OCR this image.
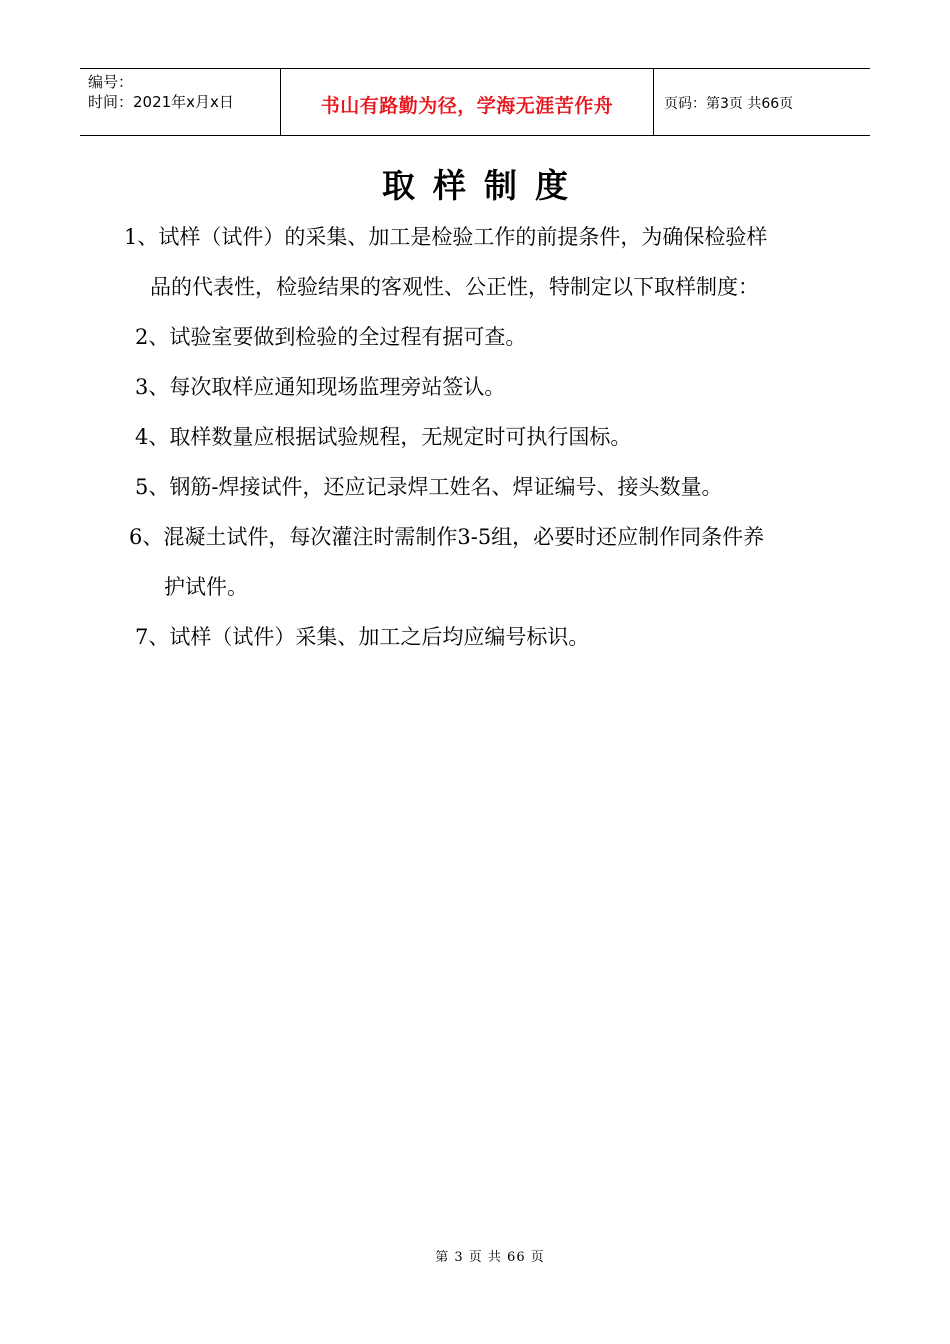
编号：
时间：2021年x月x日	书山有路勤为径，学海无涯苦作舟	页码：第3页 共66页
取样制度
1、试样（试件）的采集、加工是检验工作的前提条件，为确保检验样
品的代表性，检验结果的客观性、公正性，特制定以下取样制度：
2、试验室要做到检验的全过程有据可查。
3、每次取样应通知现场监理旁站签认。
4、取样数量应根据试验规程，无规定时可执行国标。
5、钢筋-焊接试件，还应记录焊工姓名、焊证编号、接头数量。
6、混凝土试件，每次灌注时需制作3-5组，必要时还应制作同条件养
护试件。
7、试样（试件）采集、加工之后均应编号标识。
第 3 页 共 66 页
